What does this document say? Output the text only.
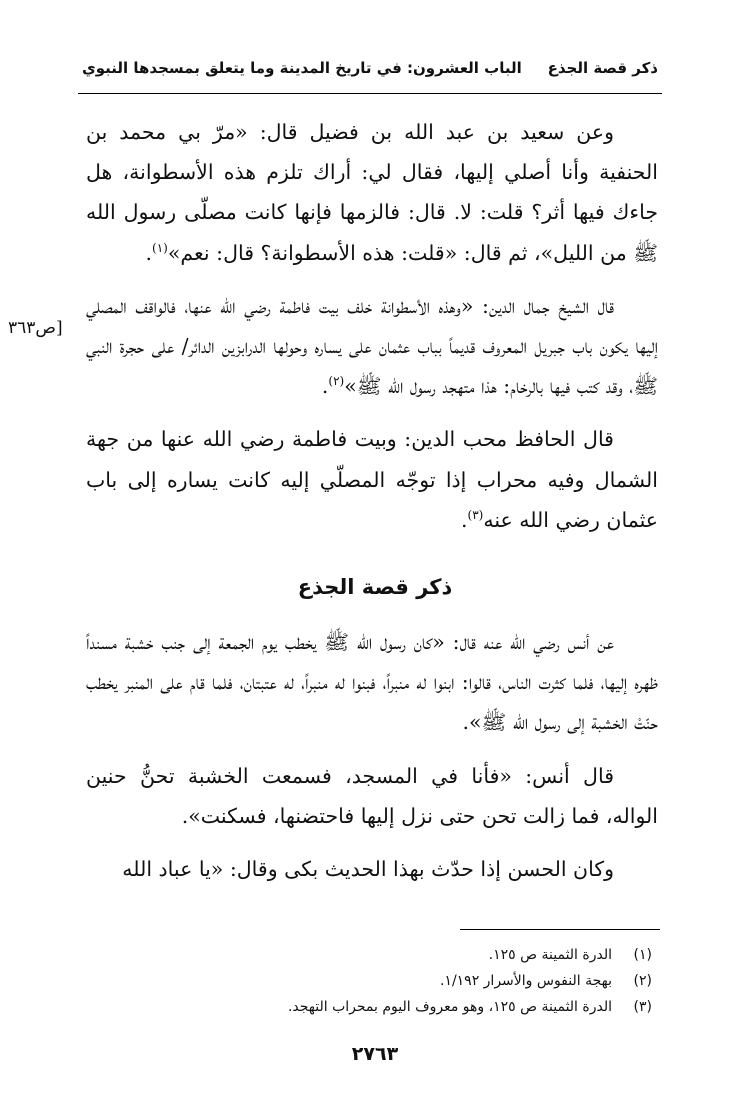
ذكر قصة الجذع
الباب العشرون: في تاريخ المدينة وما يتعلق بمسجدها النبوي

وعن سعيد بن عبد الله بن فضيل قال: «مرّ بي محمد بن الحنفية وأنا أصلي إليها، فقال لي: أراك تلزم هذه الأسطوانة، هل جاءك فيها أثر؟ قلت: لا. قال: فالزمها فإنها كانت مصلّى رسول الله ﷺ من الليل»، ثم قال: «قلت: هذه الأسطوانة؟ قال: نعم»$^{(١)}$.

قال الشيخ جمال الدين: «وهذه الأسطوانة خلف بيت فاطمة رضي الله عنها، فالواقف المصلي إليها يكون باب جبريل المعروف قديماً بباب عثمان على يساره وحولها الدرابزين الدائر/ على حجرة النبي ﷺ، وقد كتب فيها بالرخام: هذا متهجد رسول الله ﷺ»$^{(٢)}$.

قال الحافظ محب الدين: وبيت فاطمة رضي الله عنها من جهة الشمال وفيه محراب إذا توجّه المصلّي إليه كانت يساره إلى باب عثمان رضي الله عنه$^{(٣)}$.

[ص٣٦٣
ذكر قصة الجذع

عن أنس رضي الله عنه قال: «كان رسول الله ﷺ يخطب يوم الجمعة إلى جنب خشبة مسنداً ظهره إليها، فلما كثرت الناس، قالوا: ابنوا له منبراً، فبنوا له منبراً، له عتبتان، فلما قام على المنبر يخطب حنّتْ الخشبة إلى رسول الله ﷺ».

قال أنس: «فأنا في المسجد، فسمعت الخشبة تحنُّ حنين الواله، فما زالت تحن حتى نزل إليها فاحتضنها، فسكنت».

وكان الحسن إذا حدّث بهذا الحديث بكى وقال: «يا عباد الله

(١)
الدرة الثمينة ص ١٢٥.
(٢)
بهجة النفوس والأسرار ١/١٩٢.
(٣)
الدرة الثمينة ص ١٢٥، وهو معروف اليوم بمحراب التهجد.
٢٧٦٣
